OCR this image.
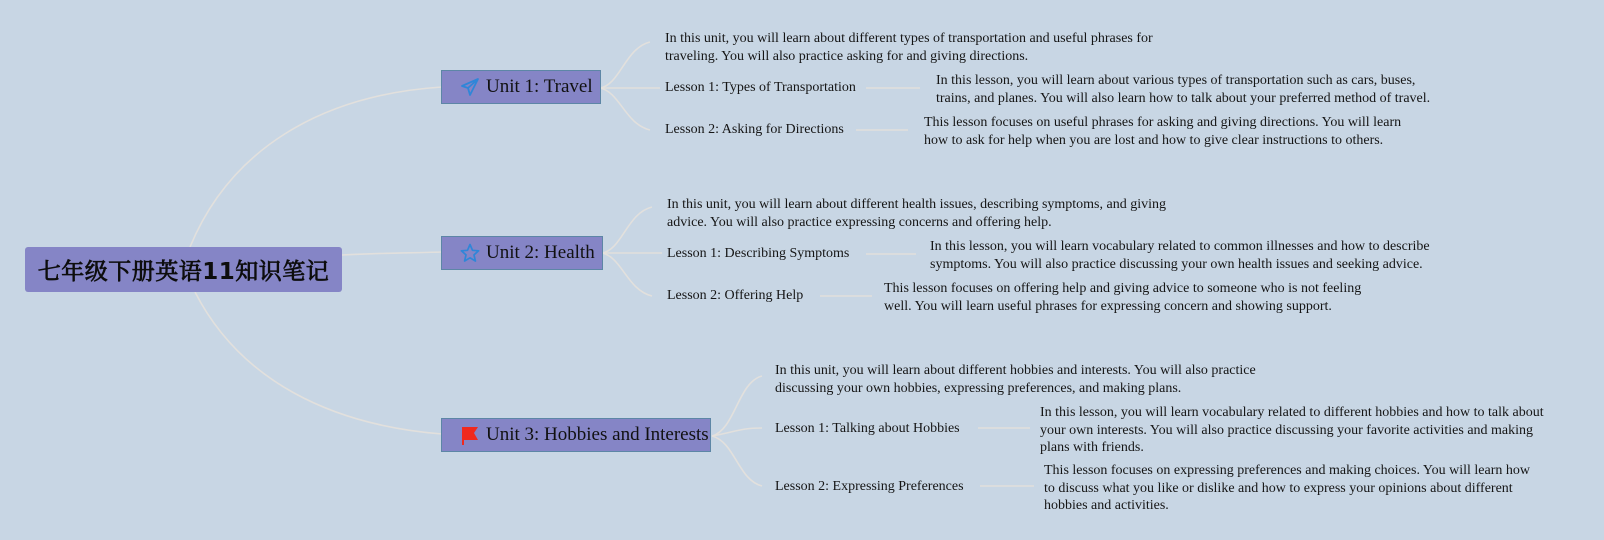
七年级下册英语11知识笔记
Unit 1: Travel
In this unit, you will learn about different types of transportation and useful phrases for traveling. You will also practice asking for and giving directions.
Lesson 1: Types of Transportation	In this lesson, you will learn about various types of transportation such as cars, buses, trains, and planes. You will also learn how to talk about your preferred method of travel.
Lesson 2: Asking for Directions	This lesson focuses on useful phrases for asking and giving directions. You will learn how to ask for help when you are lost and how to give clear instructions to others.
Unit 2: Health
In this unit, you will learn about different health issues, describing symptoms, and giving advice. You will also practice expressing concerns and offering help.
Lesson 1: Describing Symptoms	In this lesson, you will learn vocabulary related to common illnesses and how to describe symptoms. You will also practice discussing your own health issues and seeking advice.
Lesson 2: Offering Help	This lesson focuses on offering help and giving advice to someone who is not feeling well. You will learn useful phrases for expressing concern and showing support.
Unit 3: Hobbies and Interests
In this unit, you will learn about different hobbies and interests. You will also practice discussing your own hobbies, expressing preferences, and making plans.
Lesson 1: Talking about Hobbies
In this lesson, you will learn vocabulary related to different hobbies and how to talk about your own interests. You will also practice discussing your favorite activities and making plans with friends.
Lesson 2: Expressing Preferences
This lesson focuses on expressing preferences and making choices. You will learn how to discuss what you like or dislike and how to express your opinions about different hobbies and activities.
